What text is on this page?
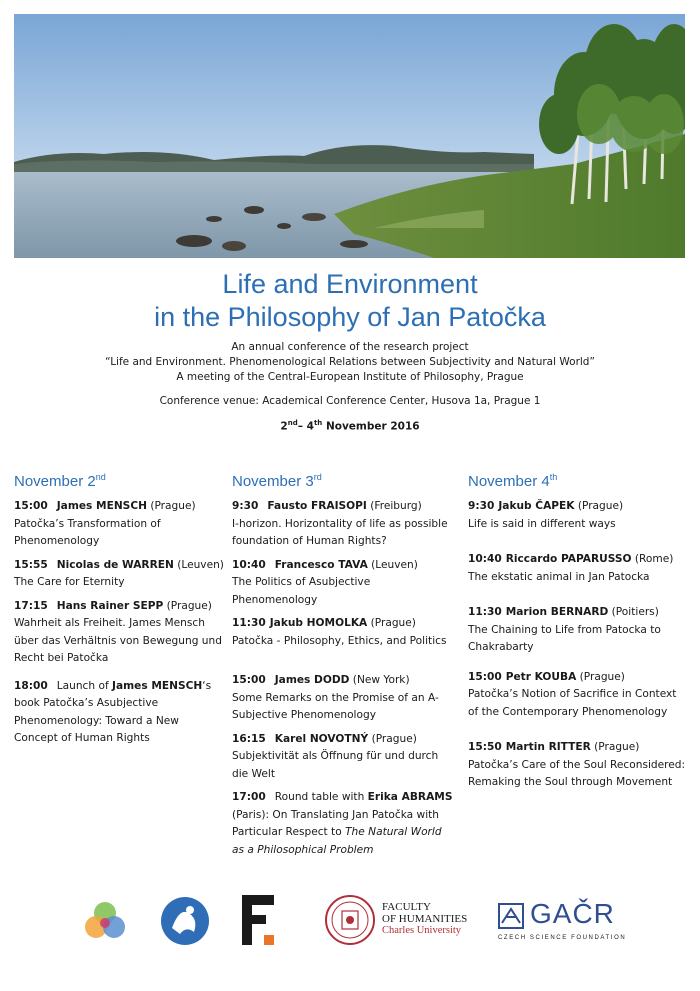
Life and Environment
in the Philosophy of Jan Patočka
An annual conference of the research project
“Life and Environment. Phenomenological Relations between Subjectivity and Natural World”
A meeting of the Central-European Institute of Philosophy, Prague
Conference venue: Academical Conference Center, Husova 1a, Prague 1
2nd– 4th November 2016
November 2nd
15:00 James MENSCH (Prague)
Patočka’s Transformation of Phenomenology
15:55 Nicolas de WARREN (Leuven)
The Care for Eternity
17:15 Hans Rainer SEPP (Prague)
Wahrheit als Freiheit. James Mensch über das Verhältnis von Bewegung und Recht bei Patočka
18:00 Launch of James MENSCH‘s book Patočka’s Asubjective Phenomenology: Toward a New Concept of Human Rights
November 3rd
9:30 Fausto FRAISOPI (Freiburg)
I-horizon. Horizontality of life as possible foundation of Human Rights?
10:40 Francesco TAVA (Leuven)
The Politics of Asubjective Phenomenology
11:30 Jakub HOMOLKA (Prague)
Patočka - Philosophy, Ethics, and Politics
15:00 James DODD (New York)
Some Remarks on the Promise of an A-Subjective Phenomenology
16:15 Karel NOVOTNÝ (Prague)
Subjektivität als Öffnung für und durch die Welt
17:00 Round table with Erika ABRAMS (Paris): On Translating Jan Patočka with Particular Respect to The Natural World as a Philosophical Problem
November 4th
9:30 Jakub ČAPEK (Prague)
Life is said in different ways
10:40 Riccardo PAPARUSSO (Rome)
The ekstatic animal in Jan Patocka
11:30 Marion BERNARD (Poitiers)
The Chaining to Life from Patocka to Chakrabarty
15:00 Petr KOUBA (Prague)
Patočka’s Notion of Sacrifice in Context of the Contemporary Phenomenology
15:50 Martin RITTER (Prague)
Patočka’s Care of the Soul Reconsidered: Remaking the Soul through Movement
FACULTY
OF HUMANITIES
Charles University
GAČR
CZECH SCIENCE FOUNDATION
